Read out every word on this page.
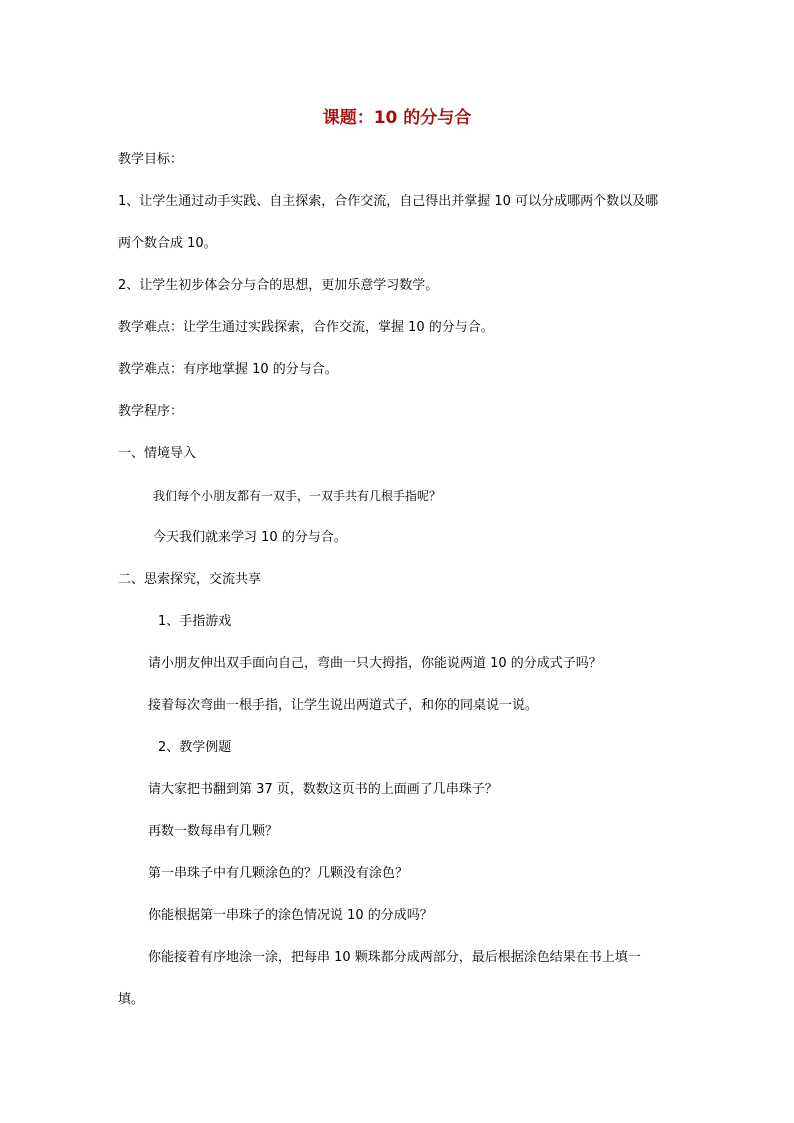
课题：10 的分与合
教学目标：
1、让学生通过动手实践、自主探索，合作交流，自己得出并掌握 10 可以分成哪两个数以及哪
两个数合成 10。
2、让学生初步体会分与合的思想，更加乐意学习数学。
教学难点：让学生通过实践探索，合作交流，掌握 10 的分与合。
教学难点：有序地掌握 10 的分与合。
教学程序：
一、情境导入
我们每个小朋友都有一双手，一双手共有几根手指呢？
今天我们就来学习 10 的分与合。
二、思索探究，交流共享
1、手指游戏
请小朋友伸出双手面向自己，弯曲一只大拇指，你能说两道 10 的分成式子吗？
接着每次弯曲一根手指，让学生说出两道式子，和你的同桌说一说。
2、教学例题
请大家把书翻到第 37 页，数数这页书的上面画了几串珠子？
再数一数每串有几颗？
第一串珠子中有几颗涂色的？几颗没有涂色？
你能根据第一串珠子的涂色情况说 10 的分成吗？
你能接着有序地涂一涂，把每串 10 颗珠都分成两部分，最后根据涂色结果在书上填一
填。
